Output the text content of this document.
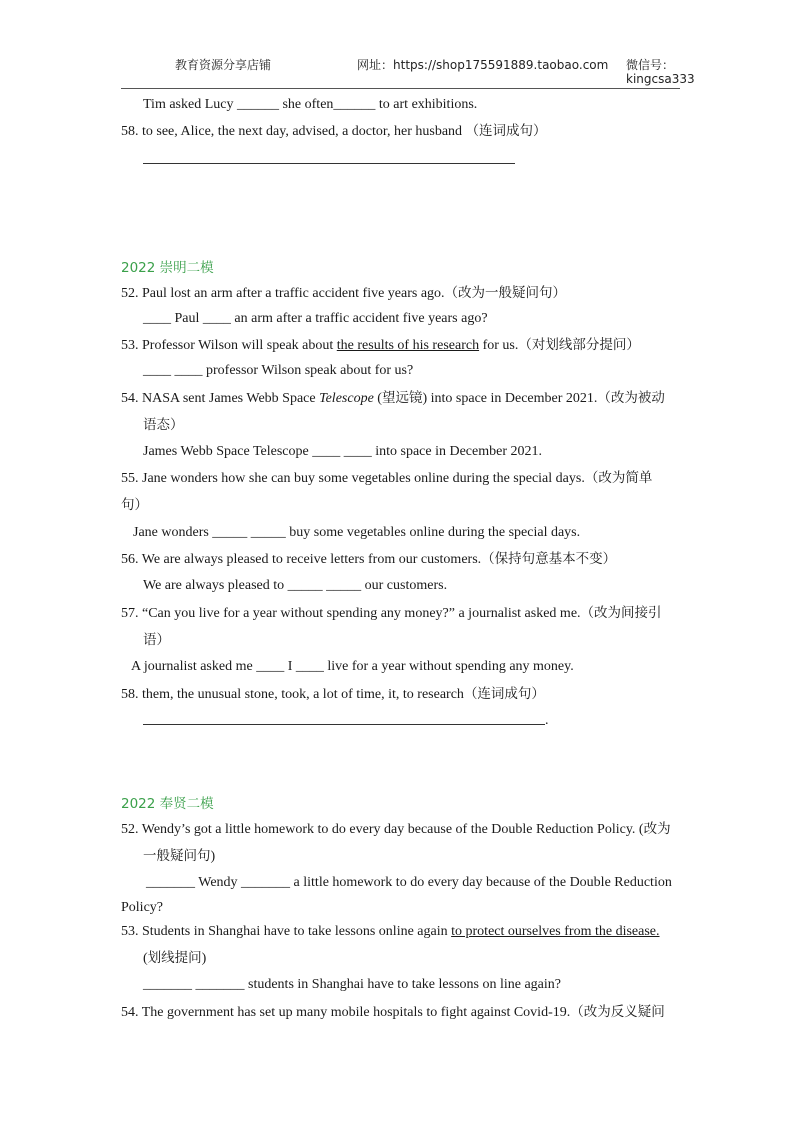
教育资源分享店铺	网址：https://shop175591889.taobao.com 微信号：
kingcsa333
Tim asked Lucy ______ she often______ to art exhibitions.
58. to see, Alice, the next day, advised, a doctor, her husband （连词成句）
2022 崇明二模
52. Paul lost an arm after a traffic accident five years ago.（改为一般疑问句）
____ Paul ____ an arm after a traffic accident five years ago?
53. Professor Wilson will speak about the results of his research for us.（对划线部分提问）
____ ____ professor Wilson speak about for us?
54. NASA sent James Webb Space Telescope (望远镜) into space in December 2021.（改为被动
语态）
James Webb Space Telescope ____ ____ into space in December 2021.
55. Jane wonders how she can buy some vegetables online during the special days.（改为简单
句）
Jane wonders _____ _____ buy some vegetables online during the special days.
56. We are always pleased to receive letters from our customers.（保持句意基本不变）
We are always pleased to _____ _____ our customers.
57. “Can you live for a year without spending any money?” a journalist asked me.（改为间接引
语）
A journalist asked me ____ I ____ live for a year without spending any money.
58. them, the unusual stone, took, a lot of time, it, to research（连词成句）
.
2022 奉贤二模
52. Wendy’s got a little homework to do every day because of the Double Reduction Policy. (改为
一般疑问句)
_______ Wendy _______ a little homework to do every day because of the Double Reduction
Policy?
53. Students in Shanghai have to take lessons online again to protect ourselves from the disease.
(划线提问)
_______ _______ students in Shanghai have to take lessons on line again?
54. The government has set up many mobile hospitals to fight against Covid-19.（改为反义疑问
